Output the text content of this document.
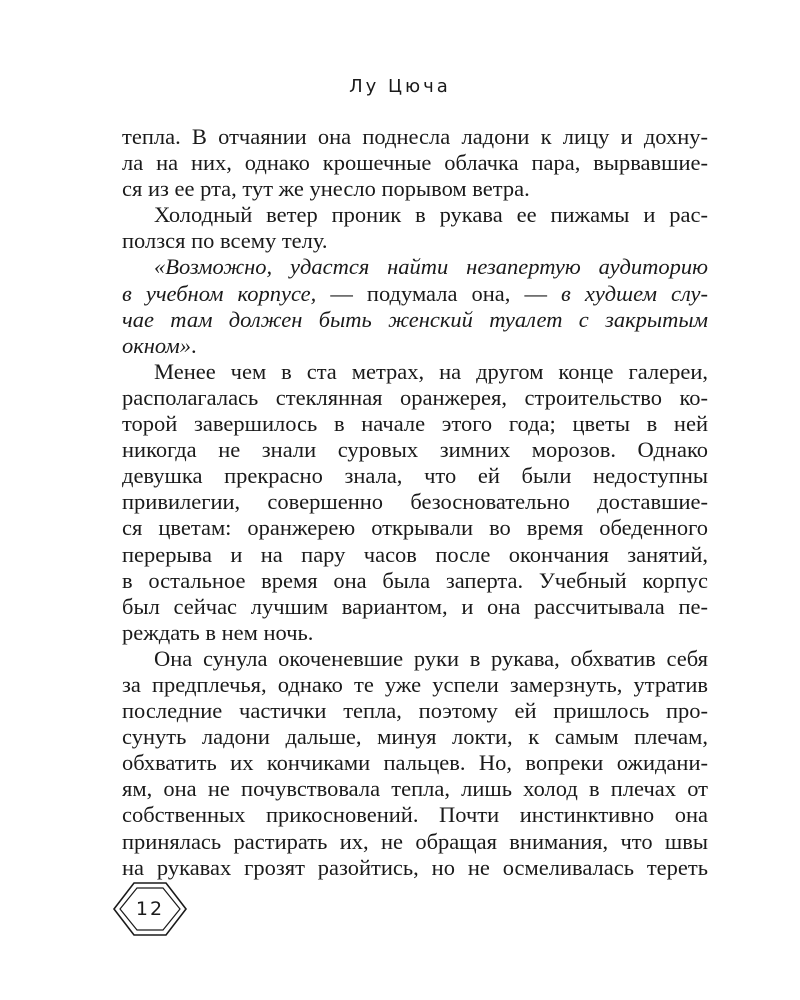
Лу Цюча
тепла. В отчаянии она поднесла ладони к лицу и дохну-
ла на них, однако крошечные облачка пара, вырвавшие-
ся из ее рта, тут же унесло порывом ветра.
Холодный ветер проник в рукава ее пижамы и рас-
ползся по всему телу.
«Возможно, удастся найти незапертую аудиторию
в учебном корпусе, — подумала она, — в худшем слу-
чае там должен быть женский туалет с закрытым
окном».
Менее чем в ста метрах, на другом конце галереи,
располагалась стеклянная оранжерея, строительство ко-
торой завершилось в начале этого года; цветы в ней
никогда не знали суровых зимних морозов. Однако
девушка прекрасно знала, что ей были недоступны
привилегии, совершенно безосновательно доставшие-
ся цветам: оранжерею открывали во время обеденного
перерыва и на пару часов после окончания занятий,
в остальное время она была заперта. Учебный корпус
был сейчас лучшим вариантом, и она рассчитывала пе-
реждать в нем ночь.
Она сунула окоченевшие руки в рукава, обхватив себя
за предплечья, однако те уже успели замерзнуть, утратив
последние частички тепла, поэтому ей пришлось про-
сунуть ладони дальше, минуя локти, к самым плечам,
обхватить их кончиками пальцев. Но, вопреки ожидани-
ям, она не почувствовала тепла, лишь холод в плечах от
собственных прикосновений. Почти инстинктивно она
принялась растирать их, не обращая внимания, что швы
на рукавах грозят разойтись, но не осмеливалась тереть
12
